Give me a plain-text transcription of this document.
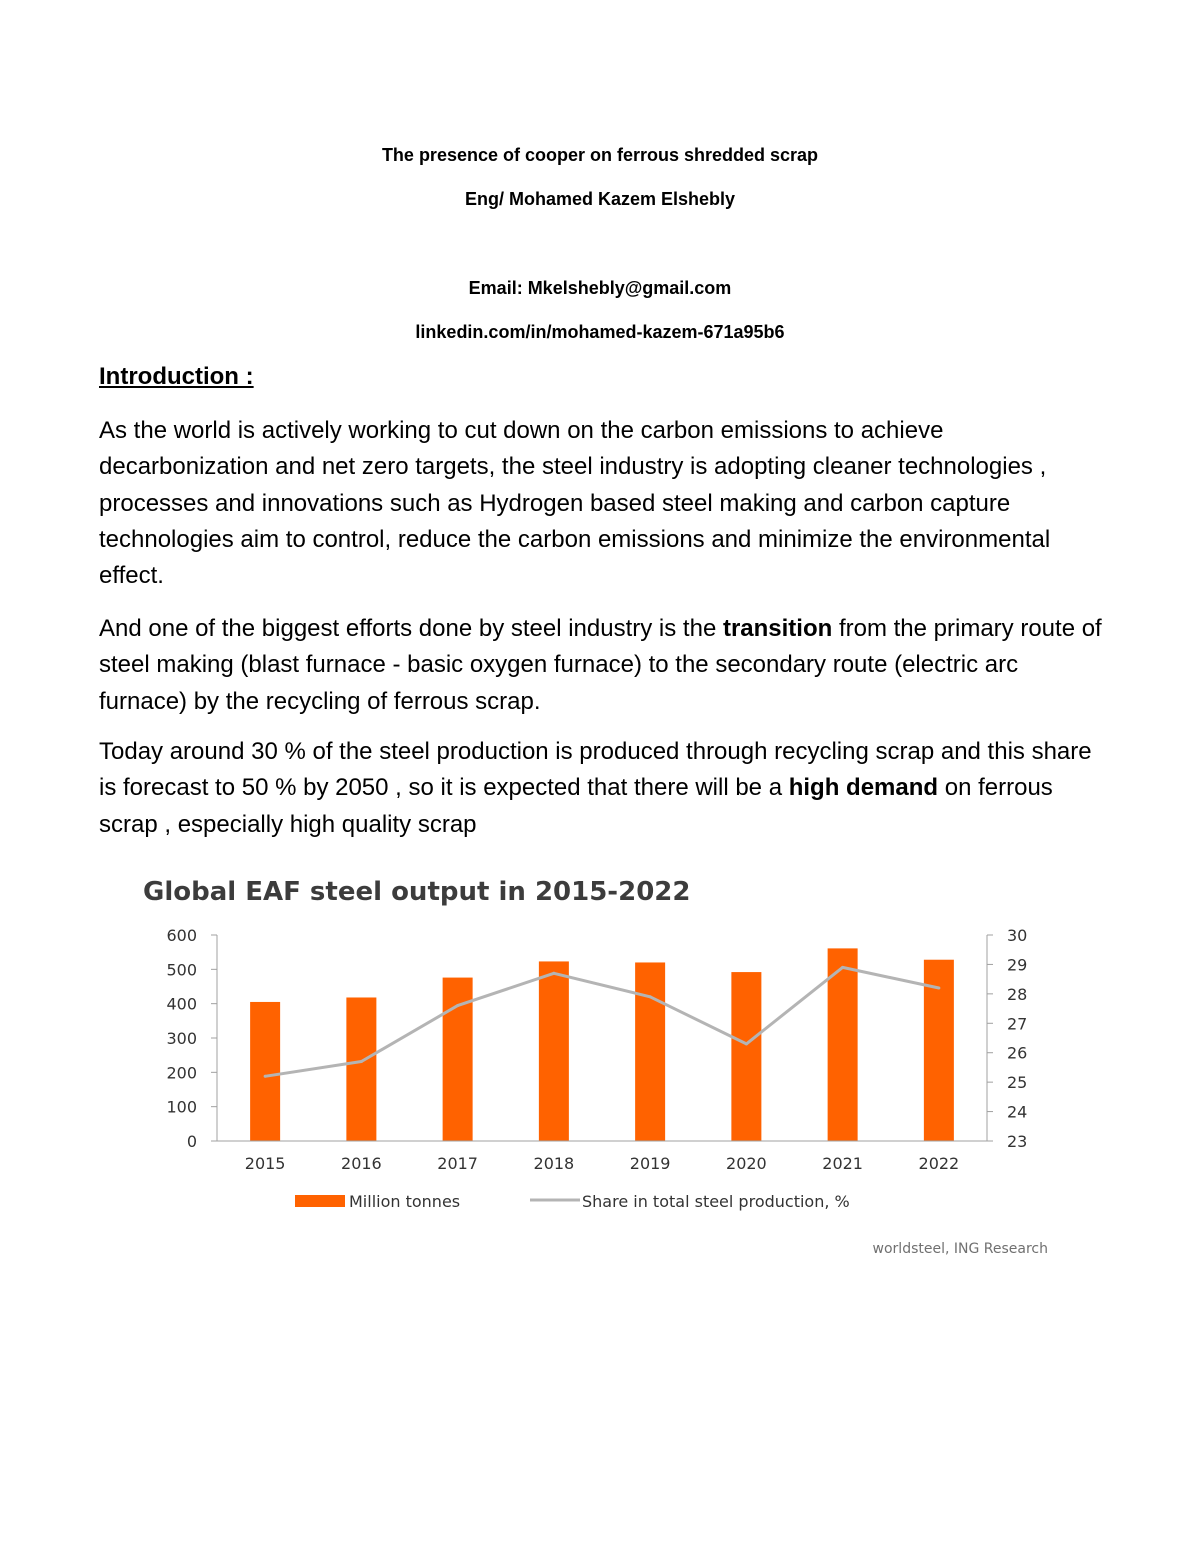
The presence of cooper on ferrous shredded scrap
Eng/ Mohamed Kazem Elshebly
Email: Mkelshebly@gmail.com
linkedin.com/in/mohamed-kazem-671a95b6
Introduction :

As the world is actively working to cut down on the carbon emissions to achieve decarbonization and net zero targets, the steel industry is adopting cleaner technologies , processes and innovations such as Hydrogen based steel making and carbon capture technologies aim to control, reduce the carbon emissions and minimize the environmental effect.

And one of the biggest efforts done by steel industry is the transition from the primary route of steel making (blast furnace - basic oxygen furnace) to the secondary route (electric arc furnace) by the recycling of ferrous scrap.

Today around 30 % of the steel production is produced through recycling scrap and this share is forecast to 50 % by 2050 , so it is expected that there will be a high demand on ferrous scrap , especially high quality scrap

Global EAF steel output in 2015-2022
0
100
200
300
400
500
600
23
24
25
26
27
28
29
30
2015	2016	2017	2018	2019	2020	2021	2022
Million tonnes	Share in total steel production, %
worldsteel, ING Research
